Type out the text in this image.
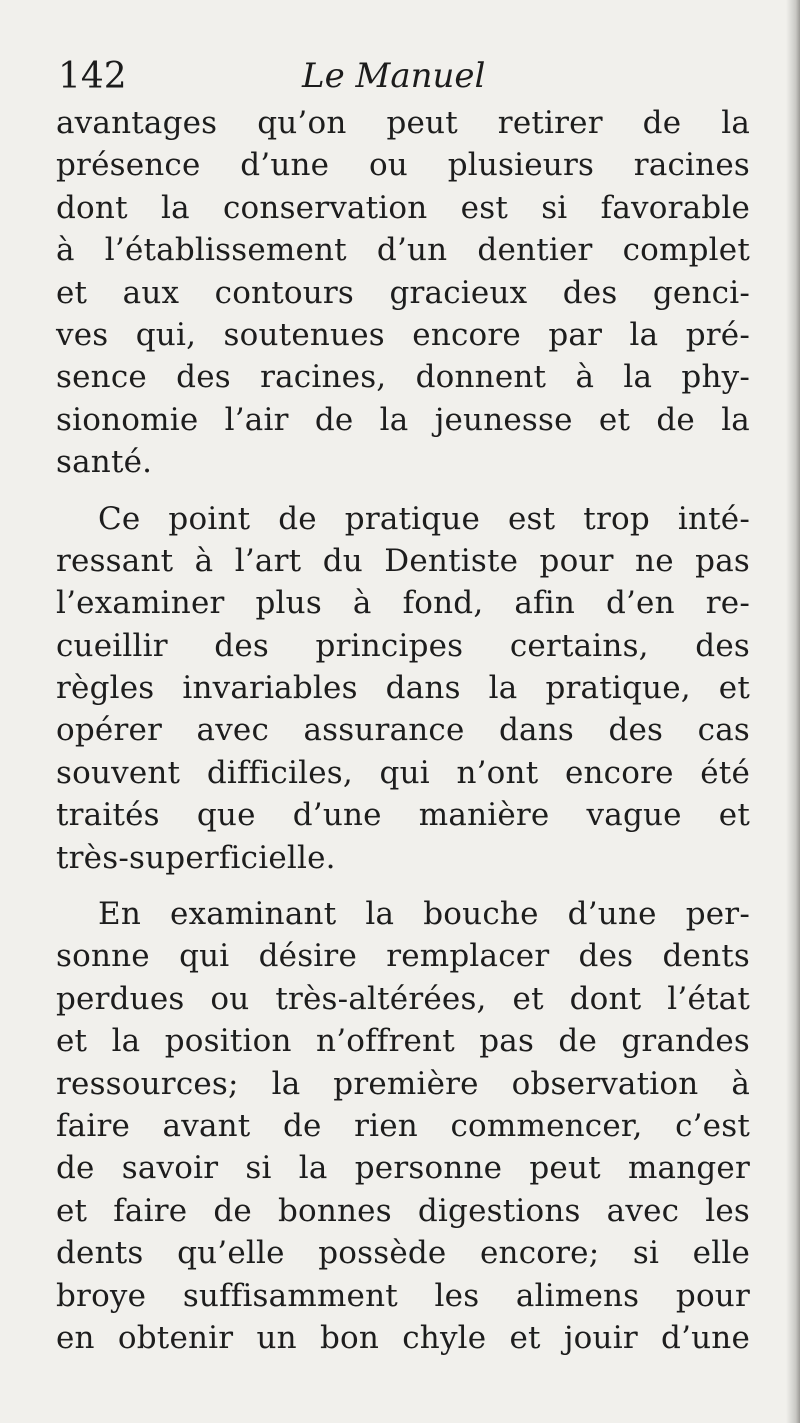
142	Le Manuel
avantages qu’on peut retirer de la
présence d’une ou plusieurs racines
dont la conservation est si favorable
à l’établissement d’un dentier complet
et aux contours gracieux des genci-
ves qui, soutenues encore par la pré-
sence des racines, donnent à la phy-
sionomie l’air de la jeunesse et de la
santé.
Ce point de pratique est trop inté-
ressant à l’art du Dentiste pour ne pas
l’examiner plus à fond, afin d’en re-
cueillir des principes certains, des
règles invariables dans la pratique, et
opérer avec assurance dans des cas
souvent difficiles, qui n’ont encore été
traités que d’une manière vague et
très-superficielle.
En examinant la bouche d’une per-
sonne qui désire remplacer des dents
perdues ou très-altérées, et dont l’état
et la position n’offrent pas de grandes
ressources; la première observation à
faire avant de rien commencer, c’est
de savoir si la personne peut manger
et faire de bonnes digestions avec les
dents qu’elle possède encore; si elle
broye suffisamment les alimens pour
en obtenir un bon chyle et jouir d’une
